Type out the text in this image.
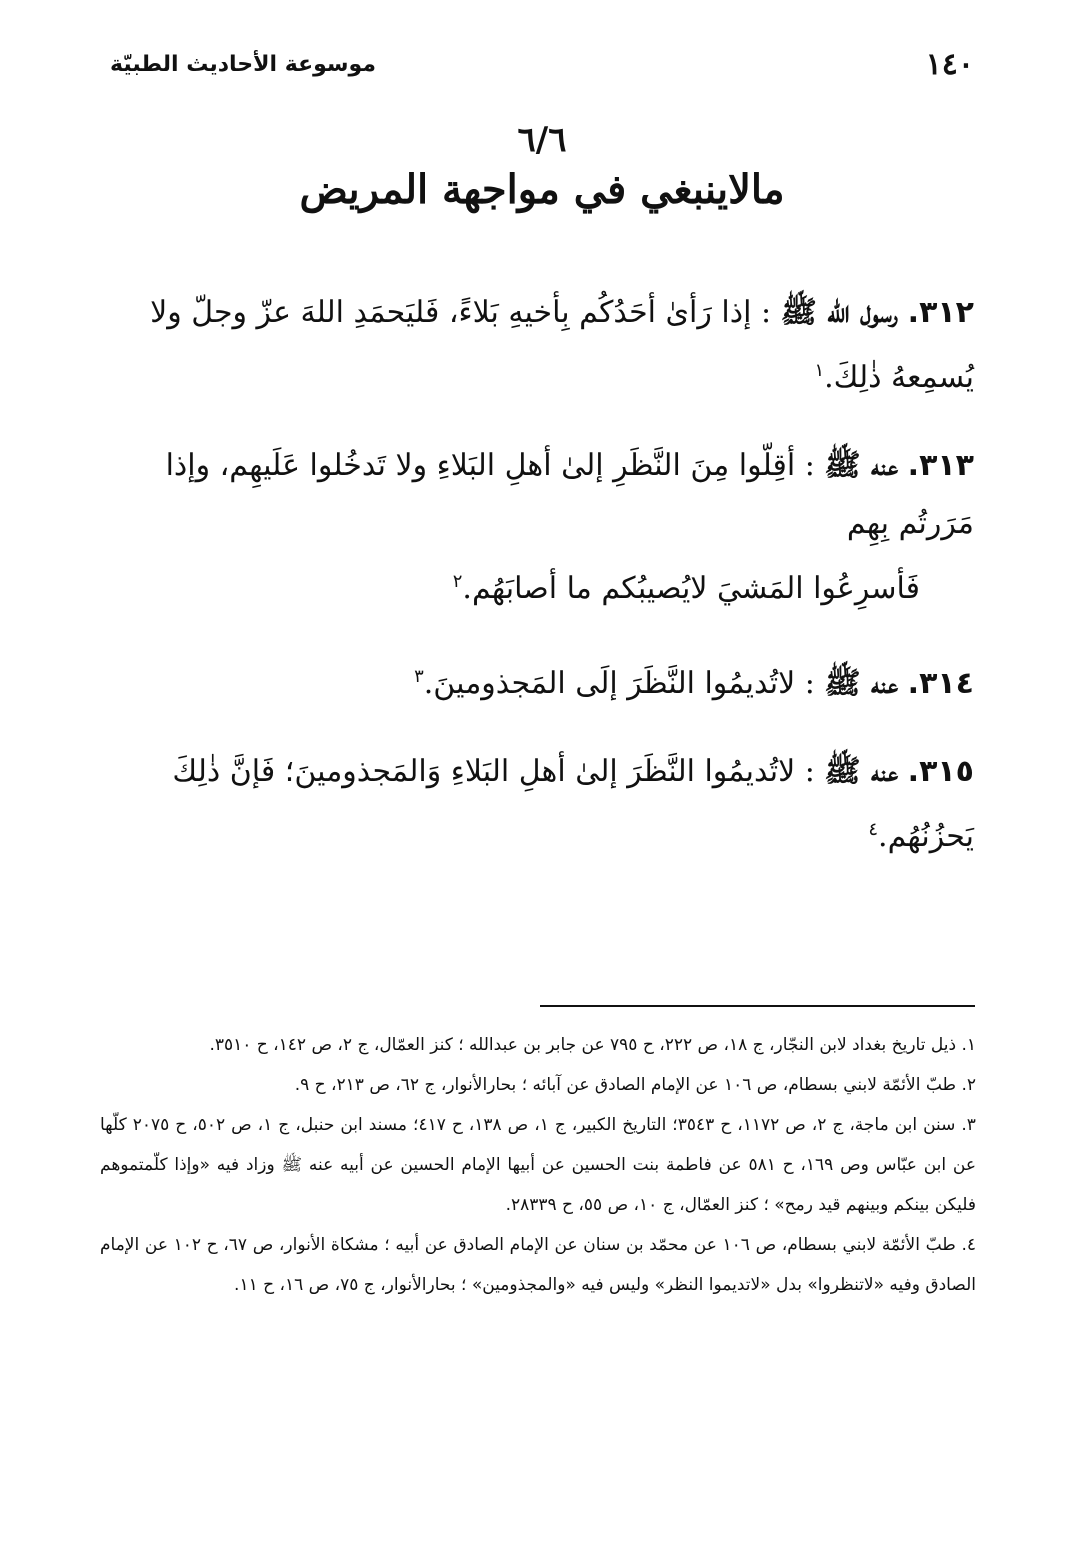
١٤٠
موسوعة الأحاديث الطبيّة
٦/٦
مالاينبغي في مواجهة المريض

٣١٢. رسول الله ﷺ : إذا رَأىٰ أحَدُكُم بِأخيهِ بَلاءً، فَليَحمَدِ اللهَ عزّ وجلّ ولا يُسمِعهُ ذٰلِكَ.$^١$

٣١٣. عنه ﷺ : أقِلّوا مِنَ النَّظَرِ إلىٰ أهلِ البَلاءِ ولا تَدخُلوا عَلَيهِم، وإذا مَرَرتُم بِهِم
فَأسرِعُوا المَشيَ لايُصيبُكم ما أصابَهُم.$^٢$

٣١٤. عنه ﷺ : لاتُديمُوا النَّظَرَ إلَى المَجذومينَ.$^٣$

٣١٥. عنه ﷺ : لاتُديمُوا النَّظَرَ إلىٰ أهلِ البَلاءِ وَالمَجذومينَ؛ فَإنَّ ذٰلِكَ يَحزُنُهُم.$^٤$

١. ذيل تاريخ بغداد لابن النجّار، ج ١٨، ص ٢٢٢، ح ٧٩٥ عن جابر بن عبدالله ؛ كنز العمّال، ج ٢، ص ١٤٢، ح ٣٥١٠.

٢. طبّ الأئمّة لابني بسطام، ص ١٠٦ عن الإمام الصادق عن آبائه ؛ بحارالأنوار، ج ٦٢، ص ٢١٣، ح ٩.

٣. سنن ابن ماجة، ج ٢، ص ١١٧٢، ح ٣٥٤٣؛ التاريخ الكبير، ج ١، ص ١٣٨، ح ٤١٧؛ مسند ابن حنبل، ج ١، ص ٥٠٢، ح ٢٠٧٥ كلّها عن ابن عبّاس وص ١٦٩، ح ٥٨١ عن فاطمة بنت الحسين عن أبيها الإمام الحسين عن أبيه عنه ﷺ وزاد فيه «وإذا كلّمتموهم فليكن بينكم وبينهم قيد رمح» ؛ كنز العمّال، ج ١٠، ص ٥٥، ح ٢٨٣٣٩.

٤. طبّ الأئمّة لابني بسطام، ص ١٠٦ عن محمّد بن سنان عن الإمام الصادق عن أبيه ؛ مشكاة الأنوار، ص ٦٧، ح ١٠٢ عن الإمام الصادق وفيه «لاتنظروا» بدل «لاتديموا النظر» وليس فيه «والمجذومين» ؛ بحارالأنوار، ج ٧٥، ص ١٦، ح ١١.
